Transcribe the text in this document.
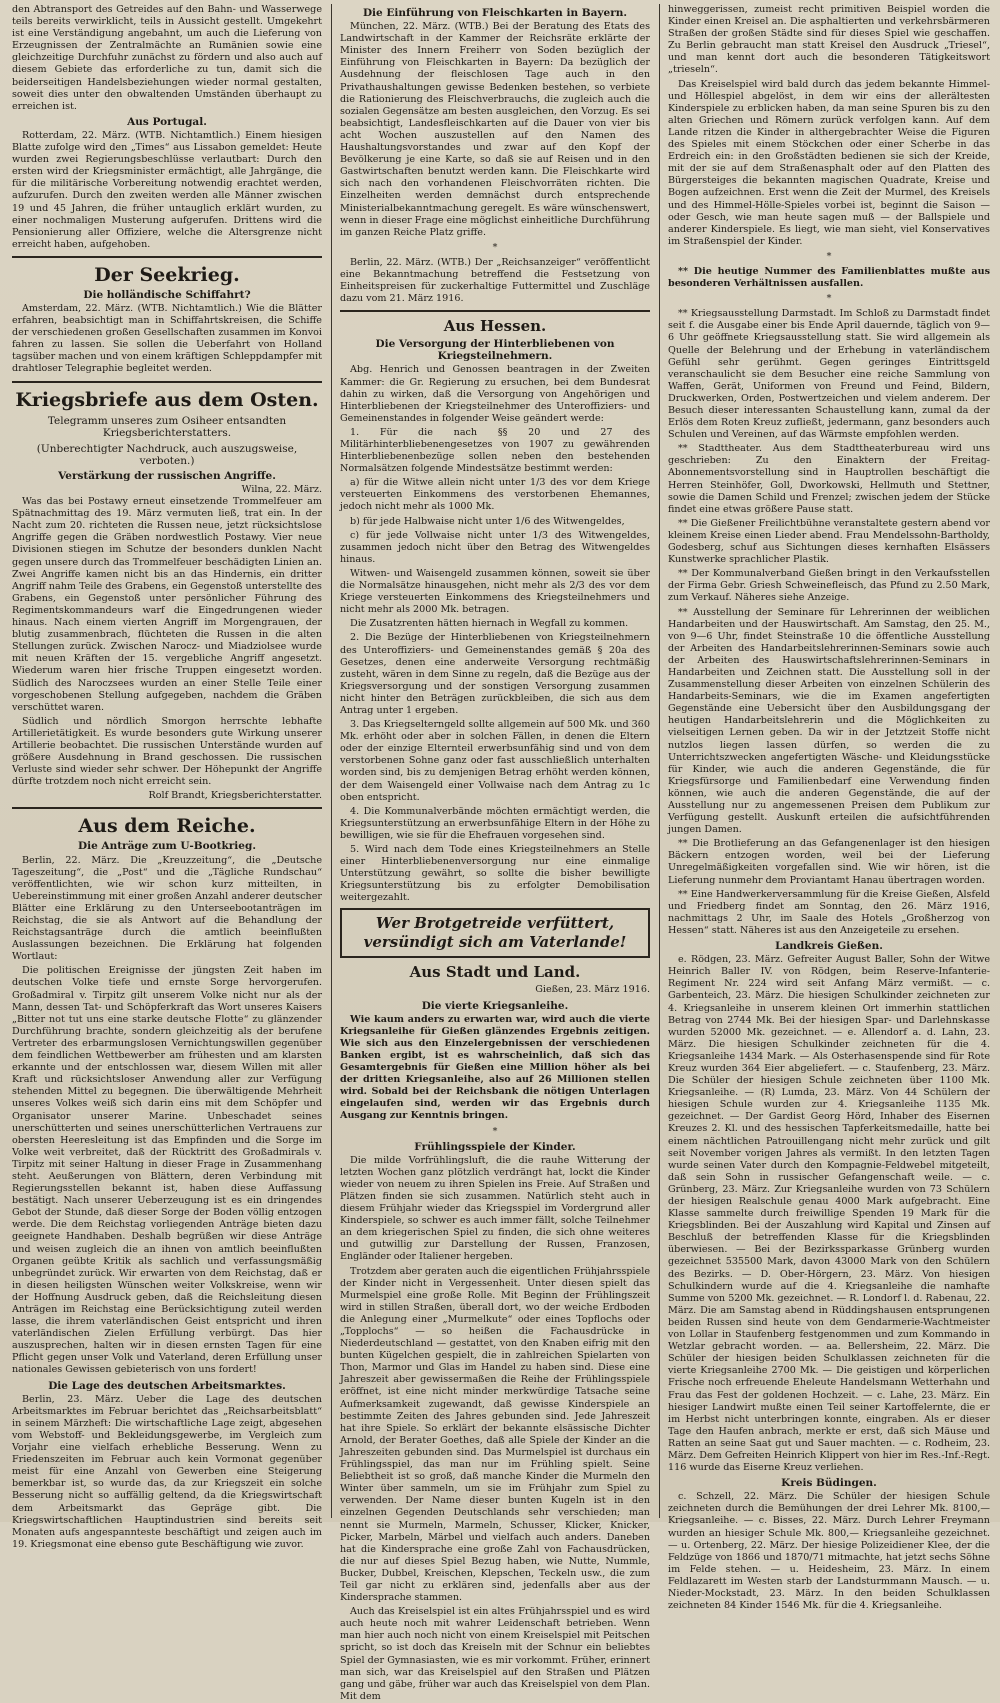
den Abtransport des Getreides auf den Bahn- und Wasserwege teils bereits verwirklicht, teils in Aussicht gestellt. Umgekehrt ist eine Verständigung angebahnt, um auch die Lieferung von Erzeugnissen der Zentralmächte an Rumänien sowie eine gleichzeitige Durchfuhr zunächst zu fördern und also auch auf diesem Gebiete das erforderliche zu tun, damit sich die beiderseitigen Handelsbeziehungen wieder normal gestalten, soweit dies unter den obwaltenden Umständen überhaupt zu erreichen ist.

Aus Portugal.

Rotterdam, 22. März. (WTB. Nichtamtlich.) Einem hiesigen Blatte zufolge wird den „Times“ aus Lissabon gemeldet: Heute wurden zwei Regierungsbeschlüsse verlautbart: Durch den ersten wird der Kriegsminister ermächtigt, alle Jahrgänge, die für die militärische Vorbereitung notwendig erachtet werden, aufzurufen. Durch den zweiten werden alle Männer zwischen 19 und 45 Jahren, die früher untauglich erklärt wurden, zu einer nochmaligen Musterung aufgerufen. Drittens wird die Pensionierung aller Offiziere, welche die Altersgrenze nicht erreicht haben, aufgehoben.

Der Seekrieg.
Die holländische Schiffahrt?

Amsterdam, 22. März. (WTB. Nichtamtlich.) Wie die Blätter erfahren, beabsichtigt man in Schiffahrtskreisen, die Schiffe der verschiedenen großen Gesellschaften zusammen im Konvoi fahren zu lassen. Sie sollen die Ueberfahrt von Holland tagsüber machen und von einem kräftigen Schleppdampfer mit drahtloser Telegraphie begleitet werden.

Kriegsbriefe aus dem Osten.
Telegramm unseres zum Osiheer entsandten Kriegsberichterstatters.
(Unberechtigter Nachdruck, auch auszugsweise, verboten.)
Verstärkung der russischen Angriffe.
Wilna, 22. März.

Was das bei Postawy erneut einsetzende Trommelfeuer am Spätnachmittag des 19. März vermuten ließ, trat ein. In der Nacht zum 20. richteten die Russen neue, jetzt rücksichtslose Angriffe gegen die Gräben nordwestlich Postawy. Vier neue Divisionen stiegen im Schutze der besonders dunklen Nacht gegen unsere durch das Trommelfeuer beschädigten Linien an. Zwei Angriffe kamen nicht bis an das Hindernis, ein dritter Angriff nahm Teile des Grabens, ein Gegenstoß unterstellte des Grabens, ein Gegenstoß unter persönlicher Führung des Regimentskommandeurs warf die Eingedrungenen wieder hinaus. Nach einem vierten Angriff im Morgengrauen, der blutig zusammenbrach, flüchteten die Russen in die alten Stellungen zurück. Zwischen Narocz- und Miadziolsee wurde mit neuen Kräften der 15. vergebliche Angriff angesetzt. Wiederum waren hier frische Truppen eingesetzt worden. Südlich des Naroczsees wurden an einer Stelle Teile einer vorgeschobenen Stellung aufgegeben, nachdem die Gräben verschüttet waren.

Südlich und nördlich Smorgon herrschte lebhafte Artillerietätigkeit. Es wurde besonders gute Wirkung unserer Artillerie beobachtet. Die russischen Unterstände wurden auf größere Ausdehnung in Brand geschossen. Die russischen Verluste sind wieder sehr schwer. Der Höhepunkt der Angriffe dürfte trotzdem noch nicht erreicht sein.

Rolf Brandt, Kriegsberichterstatter.
Aus dem Reiche.
Die Anträge zum U-Bootkrieg.

Berlin, 22. März. Die „Kreuzzeitung“, die „Deutsche Tageszeitung“, die „Post“ und die „Tägliche Rundschau“ veröffentlichten, wie wir schon kurz mitteilten, in Uebereinstimmung mit einer großen Anzahl anderer deutscher Blätter eine Erklärung zu den Unterseebootanträgen im Reichstag, die sie als Antwort auf die Behandlung der Reichstagsanträge durch die amtlich beeinflußten Auslassungen bezeichnen. Die Erklärung hat folgenden Wortlaut:

Die politischen Ereignisse der jüngsten Zeit haben im deutschen Volke tiefe und ernste Sorge hervorgerufen. Großadmiral v. Tirpitz gilt unserem Volke nicht nur als der Mann, dessen Tat- und Schöpferkraft das Wort unseres Kaisers „Bitter not tut uns eine starke deutsche Flotte“ zu glänzender Durchführung brachte, sondern gleichzeitig als der berufene Vertreter des erbarmungslosen Vernichtungswillen gegenüber dem feindlichen Wettbewerber am frühesten und am klarsten erkannte und der entschlossen war, diesem Willen mit aller Kraft und rücksichtsloser Anwendung aller zur Verfügung stehenden Mittel zu begegnen. Die überwältigende Mehrheit unseres Volkes weiß sich darin eins mit dem Schöpfer und Organisator unserer Marine. Unbeschadet seines unerschütterten und seines unerschütterlichen Vertrauens zur obersten Heeresleitung ist das Empfinden und die Sorge im Volke weit verbreitet, daß der Rücktritt des Großadmirals v. Tirpitz mit seiner Haltung in dieser Frage in Zusammenhang steht. Aeußerungen von Blättern, deren Verbindung mit Regierungsstellen bekannt ist, haben diese Auffassung bestätigt. Nach unserer Ueberzeugung ist es ein dringendes Gebot der Stunde, daß dieser Sorge der Boden völlig entzogen werde. Die dem Reichstag vorliegenden Anträge bieten dazu geeignete Handhaben. Deshalb begrüßen wir diese Anträge und weisen zugleich die an ihnen von amtlich beeinflußten Organen geübte Kritik als sachlich und verfassungsmäßig unbegründet zurück. Wir erwarten von dem Reichstag, daß er in diesen heiligsten Wünschen weiter Volkskreise, wenn wir der Hoffnung Ausdruck geben, daß die Reichsleitung diesen Anträgen im Reichstag eine Berücksichtigung zuteil werden lasse, die ihrem vaterländischen Geist entspricht und ihren vaterländischen Zielen Erfüllung verbürgt. Das hier auszusprechen, halten wir in diesen ernsten Tagen für eine Pflicht gegen unser Volk und Vaterland, deren Erfüllung unser nationales Gewissen gebieterisch von uns fordert!

Die Lage des deutschen Arbeitsmarktes.

Berlin, 23. März. Ueber die Lage des deutschen Arbeitsmarktes im Februar berichtet das „Reichsarbeitsblatt“ in seinem Märzheft: Die wirtschaftliche Lage zeigt, abgesehen vom Webstoff- und Bekleidungsgewerbe, im Vergleich zum Vorjahr eine vielfach erhebliche Besserung. Wenn zu Friedenszeiten im Februar auch kein Vormonat gegenüber meist für eine Anzahl von Gewerben eine Steigerung bemerkbar ist, so wurde das, da zur Kriegszeit ein solche Besserung nicht so auffällig geltend, da die Kriegswirtschaft dem Arbeitsmarkt das Gepräge gibt. Die Kriegswirtschaftlichen Hauptindustrien sind bereits seit Monaten aufs angespannteste beschäftigt und zeigen auch im 19. Kriegsmonat eine ebenso gute Beschäftigung wie zuvor.

Die Einführung von Fleischkarten in Bayern.

München, 22. März. (WTB.) Bei der Beratung des Etats des Landwirtschaft in der Kammer der Reichsräte erklärte der Minister des Innern Freiherr von Soden bezüglich der Einführung von Fleischkarten in Bayern: Da bezüglich der Ausdehnung der fleischlosen Tage auch in den Privathaushaltungen gewisse Bedenken bestehen, so verbiete die Rationierung des Fleischverbrauchs, die zugleich auch die sozialen Gegensätze am besten ausgleichen, den Vorzug. Es sei beabsichtigt, Landesfleischkarten auf die Dauer von vier bis acht Wochen auszustellen auf den Namen des Haushaltungsvorstandes und zwar auf den Kopf der Bevölkerung je eine Karte, so daß sie auf Reisen und in den Gastwirtschaften benutzt werden kann. Die Fleischkarte wird sich nach den vorhandenen Fleischvorräten richten. Die Einzelheiten werden demnächst durch entsprechende Ministerialbekanntmachung geregelt. Es wäre wünschenswert, wenn in dieser Frage eine möglichst einheitliche Durchführung im ganzen Reiche Platz griffe.

*

Berlin, 22. März. (WTB.) Der „Reichsanzeiger“ veröffentlicht eine Bekanntmachung betreffend die Festsetzung von Einheitspreisen für zuckerhaltige Futtermittel und Zuschläge dazu vom 21. März 1916.

Aus Hessen.
Die Versorgung der Hinterbliebenen von Kriegsteilnehmern.

Abg. Henrich und Genossen beantragen in der Zweiten Kammer: die Gr. Regierung zu ersuchen, bei dem Bundesrat dahin zu wirken, daß die Versorgung von Angehörigen und Hinterbliebenen der Kriegsteilnehmer des Unteroffiziers- und Gemeinenstandes in folgender Weise geändert werde:

1. Für die nach §§ 20 und 27 des Militärhinterbliebenengesetzes von 1907 zu gewährenden Hinterbliebenenbezüge sollen neben den bestehenden Normalsätzen folgende Mindestsätze bestimmt werden:

a) für die Witwe allein nicht unter 1/3 des vor dem Kriege versteuerten Einkommens des verstorbenen Ehemannes, jedoch nicht mehr als 1000 Mk.

b) für jede Halbwaise nicht unter 1/6 des Witwengeldes,

c) für jede Vollwaise nicht unter 1/3 des Witwengeldes, zusammen jedoch nicht über den Betrag des Witwengeldes hinaus.

Witwen- und Waisengeld zusammen können, soweit sie über die Normalsätze hinausgehen, nicht mehr als 2/3 des vor dem Kriege versteuerten Einkommens des Kriegsteilnehmers und nicht mehr als 2000 Mk. betragen.

Die Zusatzrenten hätten hiernach in Wegfall zu kommen.

2. Die Bezüge der Hinterbliebenen von Kriegsteilnehmern des Unteroffiziers- und Gemeinenstandes gemäß § 20a des Gesetzes, denen eine anderweite Versorgung rechtmäßig zusteht, wären in dem Sinne zu regeln, daß die Bezüge aus der Kriegsversorgung und der sonstigen Versorgung zusammen nicht hinter den Beträgen zurückbleiben, die sich aus dem Antrag unter 1 ergeben.

3. Das Kriegselterngeld sollte allgemein auf 500 Mk. und 360 Mk. erhöht oder aber in solchen Fällen, in denen die Eltern oder der einzige Elternteil erwerbsunfähig sind und von dem verstorbenen Sohne ganz oder fast ausschließlich unterhalten worden sind, bis zu demjenigen Betrag erhöht werden können, der dem Waisengeld einer Vollwaise nach dem Antrag zu 1c oben entspricht.

4. Die Kommunalverbände möchten ermächtigt werden, die Kriegsunterstützung an erwerbsunfähige Eltern in der Höhe zu bewilligen, wie sie für die Ehefrauen vorgesehen sind.

5. Wird nach dem Tode eines Kriegsteilnehmers an Stelle einer Hinterbliebenenversorgung nur eine einmalige Unterstützung gewährt, so sollte die bisher bewilligte Kriegsunterstützung bis zu erfolgter Demobilisation weitergezahlt.

Wer Brotgetreide verfüttert, versündigt sich am Vaterlande!
Aus Stadt und Land.
Gießen, 23. März 1916.
Die vierte Kriegsanleihe.

Wie kaum anders zu erwarten war, wird auch die vierte Kriegsanleihe für Gießen glänzendes Ergebnis zeitigen. Wie sich aus den Einzelergebnissen der verschiedenen Banken ergibt, ist es wahrscheinlich, daß sich das Gesamtergebnis für Gießen eine Million höher als bei der dritten Kriegsanleihe, also auf 26 Millionen stellen wird. Sobald bei der Reichsbank die nötigen Unterlagen eingelaufen sind, werden wir das Ergebnis durch Ausgang zur Kenntnis bringen.

*
Frühlingsspiele der Kinder.

Die milde Vorfrühlingsluft, die die rauhe Witterung der letzten Wochen ganz plötzlich verdrängt hat, lockt die Kinder wieder von neuem zu ihren Spielen ins Freie. Auf Straßen und Plätzen finden sie sich zusammen. Natürlich steht auch in diesem Frühjahr wieder das Kriegsspiel im Vordergrund aller Kinderspiele, so schwer es auch immer fällt, solche Teilnehmer an dem kriegerischen Spiel zu finden, die sich ohne weiteres und gutwillig zur Darstellung der Russen, Franzosen, Engländer oder Italiener hergeben.

Trotzdem aber geraten auch die eigentlichen Frühjahrsspiele der Kinder nicht in Vergessenheit. Unter diesen spielt das Murmelspiel eine große Rolle. Mit Beginn der Frühlingszeit wird in stillen Straßen, überall dort, wo der weiche Erdboden die Anlegung einer „Murmelkute“ oder eines Topflochs oder „Topplochs“ — so heißen die Fachausdrücke in Niederdeutschland — gestattet, von den Knaben eifrig mit den bunten Kügelchen gespielt, die in zahlreichen Spielarten von Thon, Marmor und Glas im Handel zu haben sind. Diese eine Jahreszeit aber gewissermaßen die Reihe der Frühlingsspiele eröffnet, ist eine nicht minder merkwürdige Tatsache seine Aufmerksamkeit zugewandt, daß gewisse Kinderspiele an bestimmte Zeiten des Jahres gebunden sind. Jede Jahreszeit hat ihre Spiele. So erklärt der bekannte elsässische Dichter Arnold, der Berater Goethes, daß alle Spiele der Kinder an die Jahreszeiten gebunden sind. Das Murmelspiel ist durchaus ein Frühlingsspiel, das man nur im Frühling spielt. Seine Beliebtheit ist so groß, daß manche Kinder die Murmeln den Winter über sammeln, um sie im Frühjahr zum Spiel zu verwenden. Der Name dieser bunten Kugeln ist in den einzelnen Gegenden Deutschlands sehr verschieden; man nennt sie Murmeln, Marmeln, Schusser, Klicker, Knicker, Picker, Marbeln, Märbel und vielfach auch anders. Daneben hat die Kindersprache eine große Zahl von Fachausdrücken, die nur auf dieses Spiel Bezug haben, wie Nutte, Nummle, Bucker, Dubbel, Kreischen, Klepschen, Teckeln usw., die zum Teil gar nicht zu erklären sind, jedenfalls aber aus der Kindersprache stammen.

Auch das Kreiselspiel ist ein altes Frühjahrsspiel und es wird auch heute noch mit wahrer Leidenschaft betrieben. Wenn man hier auch noch nicht von einem Kreiselspiel mit Peitschen spricht, so ist doch das Kreiseln mit der Schnur ein beliebtes Spiel der Gymnasiasten, wie es mir vorkommt. Früher, erinnert man sich, war das Kreiselspiel auf den Straßen und Plätzen gang und gäbe, früher war auch das Kreiselspiel von dem Plan. Mit dem

hinweggerissen, zumeist recht primitiven Beispiel worden die Kinder einen Kreisel an. Die asphaltierten und verkehrsbärmeren Straßen der großen Städte sind für dieses Spiel wie geschaffen. Zu Berlin gebraucht man statt Kreisel den Ausdruck „Triesel“, und man kennt dort auch die besonderen Tätigkeitswort „trieseln“.

Das Kreiselspiel wird bald durch das jedem bekannte Himmel- und Höllespiel abgelöst, in dem wir eins der allerältesten Kinderspiele zu erblicken haben, da man seine Spuren bis zu den alten Griechen und Römern zurück verfolgen kann. Auf dem Lande ritzen die Kinder in althergebrachter Weise die Figuren des Spieles mit einem Stöckchen oder einer Scherbe in das Erdreich ein: in den Großstädten bedienen sie sich der Kreide, mit der sie auf dem Straßenasphalt oder auf den Platten des Bürgersteiges die bekannten magischen Quadrate, Kreise und Bogen aufzeichnen. Erst wenn die Zeit der Murmel, des Kreisels und des Himmel-Hölle-Spieles vorbei ist, beginnt die Saison — oder Gesch, wie man heute sagen muß — der Ballspiele und anderer Kinderspiele. Es liegt, wie man sieht, viel Konservatives im Straßenspiel der Kinder.

*

** Die heutige Nummer des Familienblattes mußte aus besonderen Verhältnissen ausfallen.

*

** Kriegsausstellung Darmstadt. Im Schloß zu Darmstadt findet seit f. die Ausgabe einer bis Ende April dauernde, täglich von 9—6 Uhr geöffnete Kriegsausstellung statt. Sie wird allgemein als Quelle der Belehrung und der Erhebung in vaterländischem Gefühl sehr gerühmt. Gegen geringes Eintrittsgeld veranschaulicht sie dem Besucher eine reiche Sammlung von Waffen, Gerät, Uniformen von Freund und Feind, Bildern, Druckwerken, Orden, Postwertzeichen und vielem anderem. Der Besuch dieser interessanten Schaustellung kann, zumal da der Erlös dem Roten Kreuz zufließt, jedermann, ganz besonders auch Schulen und Vereinen, auf das Wärmste empfohlen werden.

** Stadttheater. Aus dem Stadttheaterbureau wird uns geschrieben: Zu den Einaktern der Freitag-Abonnementsvorstellung sind in Hauptrollen beschäftigt die Herren Steinhöfer, Goll, Dworkowski, Hellmuth und Stettner, sowie die Damen Schild und Frenzel; zwischen jedem der Stücke findet eine etwas größere Pause statt.

** Die Gießener Freilichtbühne veranstaltete gestern abend vor kleinem Kreise einen Lieder abend. Frau Mendelssohn-Bartholdy, Godesberg, schuf aus Sichtungen dieses kernhaften Elsässers Kunstwerke sprachlicher Plastik.

** Der Kommunalverband Gießen bringt in den Verkaufsstellen der Firma Gebr. Griesh Schweinefleisch, das Pfund zu 2.50 Mark, zum Verkauf. Näheres siehe Anzeige.

** Ausstellung der Seminare für Lehrerinnen der weiblichen Handarbeiten und der Hauswirtschaft. Am Samstag, den 25. M., von 9—6 Uhr, findet Steinstraße 10 die öffentliche Ausstellung der Arbeiten des Handarbeitslehrerinnen-Seminars sowie auch der Arbeiten des Hauswirtschaftslehrerinnen-Seminars in Handarbeiten und Zeichnen statt. Die Ausstellung soll in der Zusammenstellung dieser Arbeiten von einzelnen Schülerin des Handarbeits-Seminars, wie die im Examen angefertigten Gegenstände eine Uebersicht über den Ausbildungsgang der heutigen Handarbeitslehrerin und die Möglichkeiten zu vielseitigen Lernen geben. Da wir in der Jetztzeit Stoffe nicht nutzlos liegen lassen dürfen, so werden die zu Unterrichtszwecken angefertigten Wäsche- und Kleidungsstücke für Kinder, wie auch die anderen Gegenstände, die für Kriegsfürsorge und Familienbedarf eine Verwendung finden können, wie auch die anderen Gegenstände, die auf der Ausstellung nur zu angemessenen Preisen dem Publikum zur Verfügung gestellt. Auskunft erteilen die aufsichtführenden jungen Damen.

** Die Brotlieferung an das Gefangenenlager ist den hiesigen Bäckern entzogen worden, weil bei der Lieferung Unregelmäßigkeiten vorgefallen sind. Wie wir hören, ist die Lieferung nunmehr dem Proviantamt Hanau übertragen worden.

** Eine Handwerkerversammlung für die Kreise Gießen, Alsfeld und Friedberg findet am Sonntag, den 26. März 1916, nachmittags 2 Uhr, im Saale des Hotels „Großherzog von Hessen“ statt. Näheres ist aus den Anzeigeteile zu ersehen.

Landkreis Gießen.

e. Rödgen, 23. März. Gefreiter August Baller, Sohn der Witwe Heinrich Baller IV. von Rödgen, beim Reserve-Infanterie-Regiment Nr. 224 wird seit Anfang März vermißt. — c. Garbenteich, 23. März. Die hiesigen Schulkinder zeichneten zur 4. Kriegsanleihe in unserem kleinen Ort immerhin stattlichen Betrag von 2744 Mk. Bei der hiesigen Spar- und Darlehnskasse wurden 52000 Mk. gezeichnet. — e. Allendorf a. d. Lahn, 23. März. Die hiesigen Schulkinder zeichneten für die 4. Kriegsanleihe 1434 Mark. — Als Osterhasenspende sind für Rote Kreuz wurden 364 Eier abgeliefert. — c. Staufenberg, 23. März. Die Schüler der hiesigen Schule zeichneten über 1100 Mk. Kriegsanleihe. — (R) Lumda, 23. März. Von 44 Schülern der hiesigen Schule wurden zur 4. Kriegsanleihe 1135 Mk. gezeichnet. — Der Gardist Georg Hörd, Inhaber des Eisernen Kreuzes 2. Kl. und des hessischen Tapferkeitsmedaille, hatte bei einem nächtlichen Patrouillengang nicht mehr zurück und gilt seit November vorigen Jahres als vermißt. In den letzten Tagen wurde seinen Vater durch den Kompagnie-Feldwebel mitgeteilt, daß sein Sohn in russischer Gefangenschaft weile. — c. Grünberg, 23. März. Zur Kriegsanleihe wurden von 73 Schülern der hiesigen Realschule genau 4000 Mark aufgebracht. Eine Klasse sammelte durch freiwillige Spenden 19 Mark für die Kriegsblinden. Bei der Auszahlung wird Kapital und Zinsen auf Beschluß der betreffenden Klasse für die Kriegsblinden überwiesen. — Bei der Bezirkssparkasse Grünberg wurden gezeichnet 535500 Mark, davon 43000 Mark von den Schülern des Bezirks. — D. Ober-Hörgern, 23. März. Von hiesigen Schulkindern wurde auf die 4. Kriegsanleihe die namhafte Summe von 5200 Mk. gezeichnet. — R. Londorf l. d. Rabenau, 22. März. Die am Samstag abend in Rüddingshausen entsprungenen beiden Russen sind heute von dem Gendarmerie-Wachtmeister von Lollar in Staufenberg festgenommen und zum Kommando in Wetzlar gebracht worden. — aa. Bellersheim, 22. März. Die Schüler der hiesigen beiden Schulklassen zeichneten für die vierte Kriegsanleihe 2700 Mk. — Die geistigen und körperlichen Frische noch erfreuende Eheleute Handelsmann Wetterhahn und Frau das Fest der goldenen Hochzeit. — c. Lahe, 23. März. Ein hiesiger Landwirt mußte einen Teil seiner Kartoffelernte, die er im Herbst nicht unterbringen konnte, eingraben. Als er dieser Tage den Haufen anbrach, merkte er erst, daß sich Mäuse und Ratten an seine Saat gut und Sauer machten. — c. Rodheim, 23. März. Dem Gefreiten Heinrich Klippert von hier im Res.-Inf.-Regt. 116 wurde das Eiserne Kreuz verliehen.

Kreis Büdingen.

c. Schzell, 22. März. Die Schüler der hiesigen Schule zeichneten durch die Bemühungen der drei Lehrer Mk. 8100,— Kriegsanleihe. — c. Bisses, 22. März. Durch Lehrer Freymann wurden an hiesiger Schule Mk. 800,— Kriegsanleihe gezeichnet. — u. Ortenberg, 22. März. Der hiesige Polizeidiener Klee, der die Feldzüge von 1866 und 1870/71 mitmachte, hat jetzt sechs Söhne im Felde stehen. — u. Heidesheim, 23. März. In einem Feldlazarett im Westen starb der Landsturmmann Mausch. — u. Nieder-Mockstadt, 23. März. In den beiden Schulklassen zeichneten 84 Kinder 1546 Mk. für die 4. Kriegsanleihe.
